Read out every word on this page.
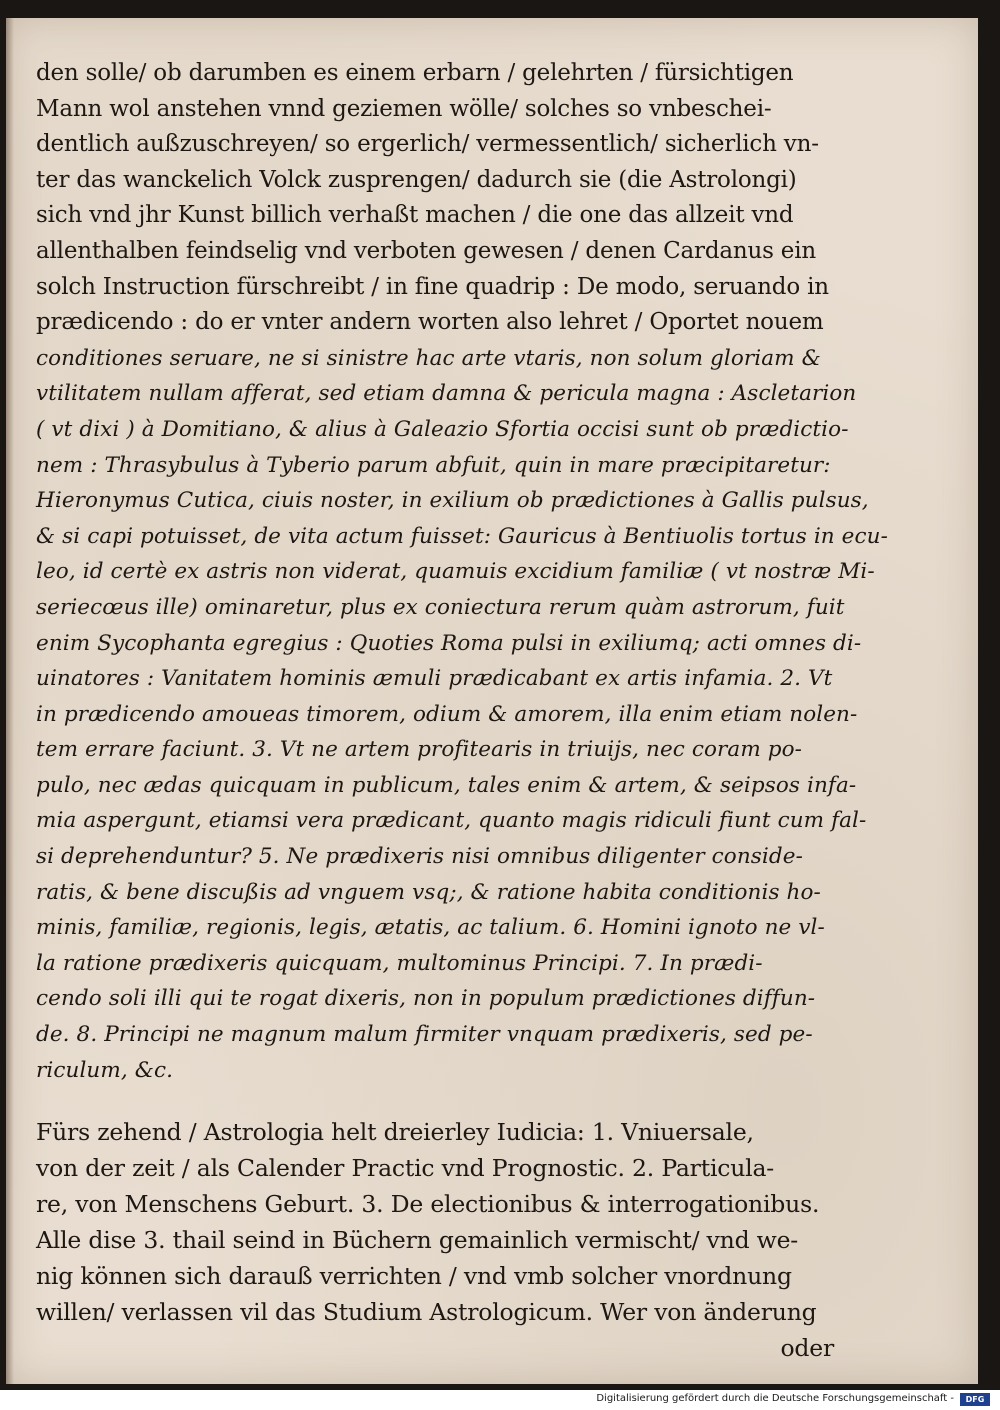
den solle/ ob darumben es einem erbarn / gelehrten / fürsichtigen
Mann wol anstehen vnnd geziemen wölle/ solches so vnbeschei-
dentlich außzuschreyen/ so ergerlich/ vermessentlich/ sicherlich vn-
ter das wanckelich Volck zusprengen/ dadurch sie (die Astrolongi)
sich vnd jhr Kunst billich verhaßt machen / die one das allzeit vnd
allenthalben feindselig vnd verboten gewesen / denen Cardanus ein
solch Instruction fürschreibt / in fine quadrip : De modo, seruando in
prædicendo : do er vnter andern worten also lehret / Oportet nouem
conditiones seruare, ne si sinistre hac arte vtaris, non solum gloriam &
vtilitatem nullam afferat, sed etiam damna & pericula magna : Ascletarion
( vt dixi ) à Domitiano, & alius à Galeazio Sfortia occisi sunt ob prædictio-
nem : Thrasybulus à Tyberio parum abfuit, quin in mare præcipitaretur:
Hieronymus Cutica, ciuis noster, in exilium ob prædictiones à Gallis pulsus,
& si capi potuisset, de vita actum fuisset: Gauricus à Bentiuolis tortus in ecu-
leo, id certè ex astris non viderat, quamuis excidium familiæ ( vt nostræ Mi-
seriecœus ille) ominaretur, plus ex coniectura rerum quàm astrorum, fuit
enim Sycophanta egregius : Quoties Roma pulsi in exiliumq; acti omnes di-
uinatores : Vanitatem hominis æmuli prædicabant ex artis infamia. 2. Vt
in prædicendo amoueas timorem, odium & amorem, illa enim etiam nolen-
tem errare faciunt. 3. Vt ne artem profitearis in triuijs, nec coram po-
pulo, nec ædas quicquam in publicum, tales enim & artem, & seipsos infa-
mia aspergunt, etiamsi vera prædicant, quanto magis ridiculi fiunt cum fal-
si deprehenduntur? 5. Ne prædixeris nisi omnibus diligenter conside-
ratis, & bene discußis ad vnguem vsq;, & ratione habita conditionis ho-
minis, familiæ, regionis, legis, ætatis, ac talium. 6. Homini ignoto ne vl-
la ratione prædixeris quicquam, multominus Principi. 7. In prædi-
cendo soli illi qui te rogat dixeris, non in populum prædictiones diffun-
de. 8. Principi ne magnum malum firmiter vnquam prædixeris, sed pe-
riculum, &c.
Fürs zehend / Astrologia helt dreierley Iudicia: 1. Vniuersale,
von der zeit / als Calender Practic vnd Prognostic. 2. Particula-
re, von Menschens Geburt. 3. De electionibus & interrogationibus.
Alle dise 3. thail seind in Büchern gemainlich vermischt/ vnd we-
nig können sich darauß verrichten / vnd vmb solcher vnordnung
willen/ verlassen vil das Studium Astrologicum. Wer von änderung
oder
Digitalisierung gefördert durch die Deutsche Forschungsgemeinschaft -	DFG
